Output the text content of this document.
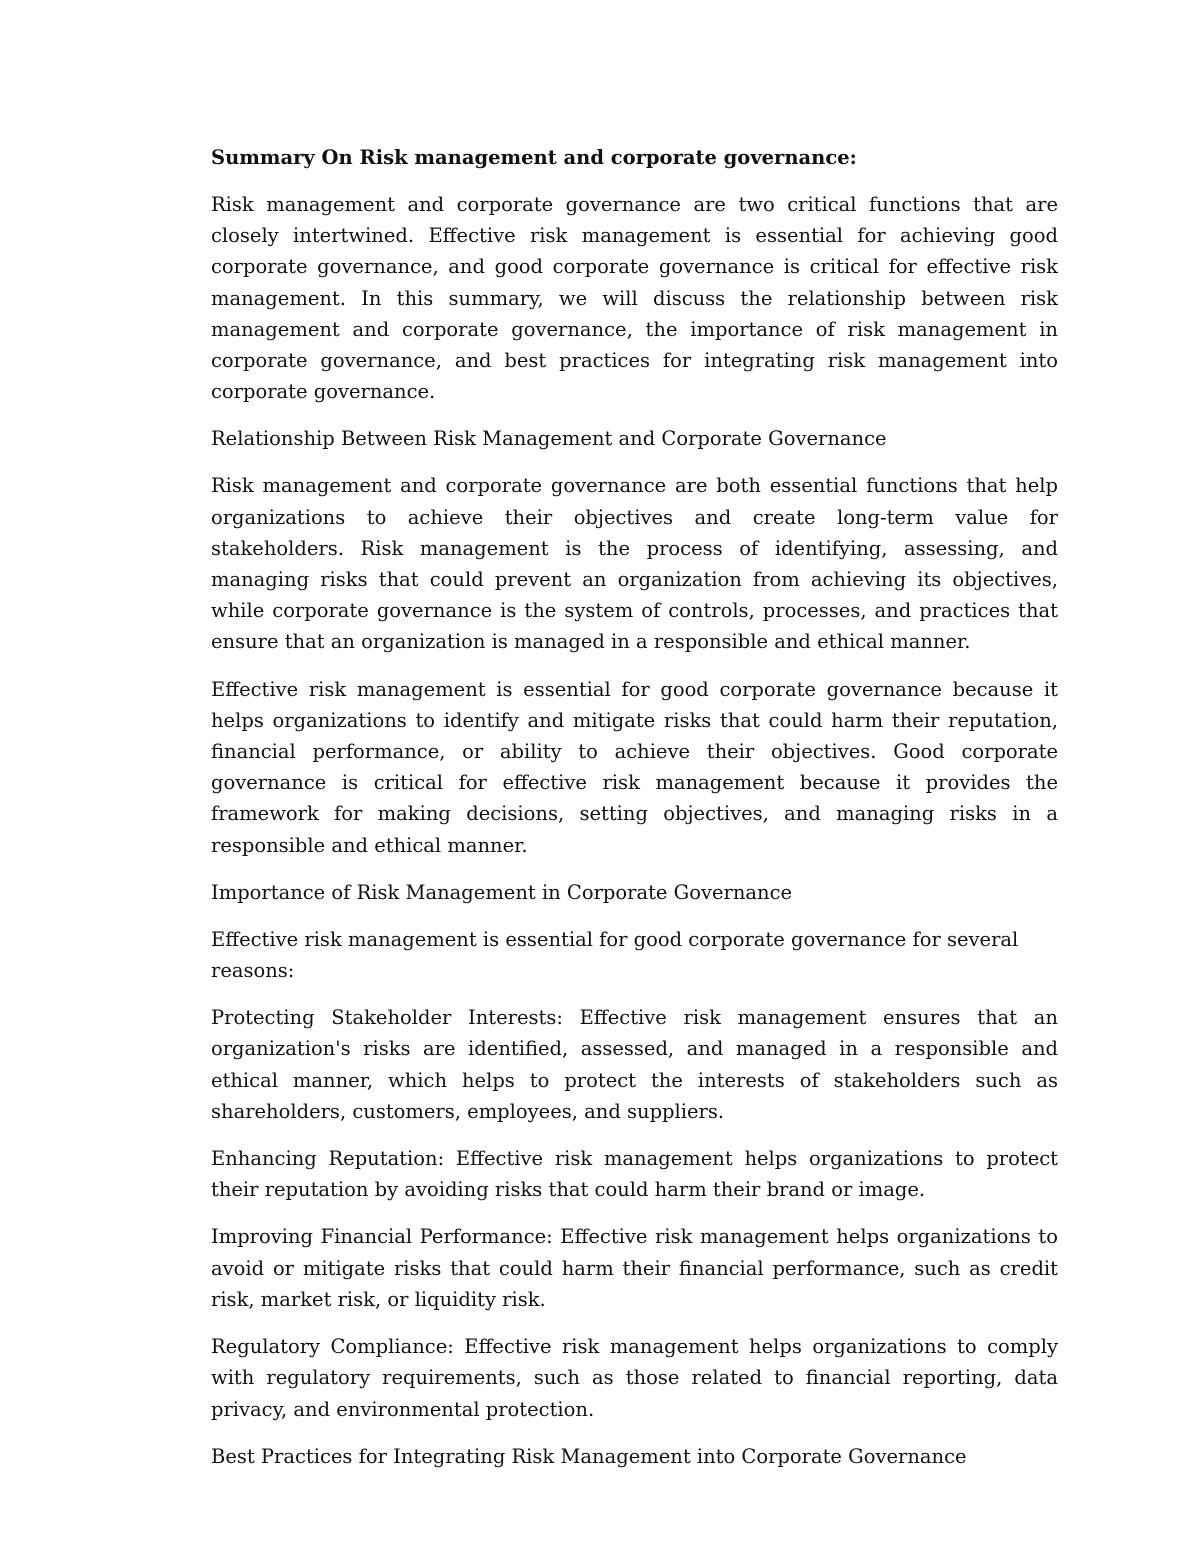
Summary On Risk management and corporate governance:

Risk management and corporate governance are two critical functions that are closely intertwined. Effective risk management is essential for achieving good corporate governance, and good corporate governance is critical for effective risk management. In this summary, we will discuss the relationship between risk management and corporate governance, the importance of risk management in corporate governance, and best practices for integrating risk management into corporate governance.

Relationship Between Risk Management and Corporate Governance

Risk management and corporate governance are both essential functions that help organizations to achieve their objectives and create long-term value for stakeholders. Risk management is the process of identifying, assessing, and managing risks that could prevent an organization from achieving its objectives, while corporate governance is the system of controls, processes, and practices that ensure that an organization is managed in a responsible and ethical manner.

Effective risk management is essential for good corporate governance because it helps organizations to identify and mitigate risks that could harm their reputation, financial performance, or ability to achieve their objectives. Good corporate governance is critical for effective risk management because it provides the framework for making decisions, setting objectives, and managing risks in a responsible and ethical manner.

Importance of Risk Management in Corporate Governance

Effective risk management is essential for good corporate governance for several reasons:

Protecting Stakeholder Interests: Effective risk management ensures that an organization's risks are identified, assessed, and managed in a responsible and ethical manner, which helps to protect the interests of stakeholders such as shareholders, customers, employees, and suppliers.

Enhancing Reputation: Effective risk management helps organizations to protect their reputation by avoiding risks that could harm their brand or image.

Improving Financial Performance: Effective risk management helps organizations to avoid or mitigate risks that could harm their financial performance, such as credit risk, market risk, or liquidity risk.

Regulatory Compliance: Effective risk management helps organizations to comply with regulatory requirements, such as those related to financial reporting, data privacy, and environmental protection.

Best Practices for Integrating Risk Management into Corporate Governance
